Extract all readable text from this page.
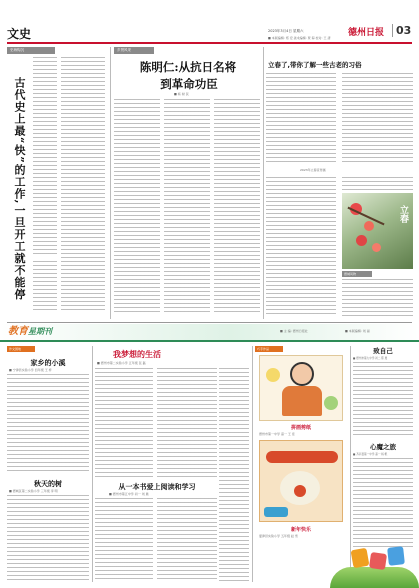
文史	2023年3月4日 星期六	德州日报	03
■ 本版编辑: 郑 宏 美术编辑: 贾 海 校对: 王 清
史海钩沉
古代史上最“快”的工作,一旦开工就不能停
乡贤风采
陈明仁:从抗日名将
到革命功臣
■ 杨 树 民
立春了,带你了解一些古老的习俗
2023年立春宣传画
立春
德城风物
教育星期刊	■ 主 编: 德州日报社	■ 本版编辑: 刘 丽
作文园地
家乡的小溪
■ 宁津县实验小学 四年级 王 梓
秋天的树
■ 德城区第二实验小学 三年级 李 明
我梦想的生活
■ 德州市第二实验小学 五年级 张 磊
从一本书爱上阅读和学习
■ 德州市第五中学 初一 刘 晨
巧手作品
拼画剪纸
德州市第一中学 高一 王 佳
新年快乐
夏津县实验小学 五年级 赵 雪
致自己
■ 德州市第九中学 初二 陈 晨
心魔之旅
■ 齐河县第一中学 高一 杨 帆
